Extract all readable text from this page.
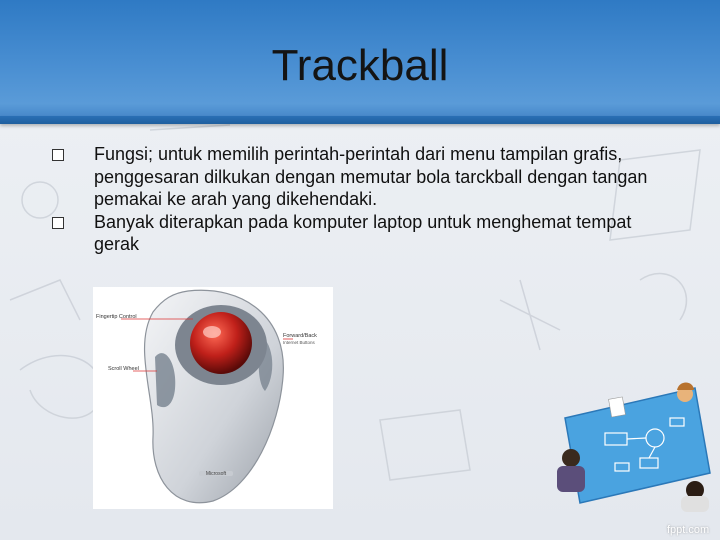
Trackball
Fungsi; untuk memilih perintah-perintah dari menu tampilan grafis, penggesaran dilkukan dengan memutar bola tarckball dengan tangan pemakai ke arah yang dikehendaki.
Banyak diterapkan pada komputer laptop untuk menghemat tempat gerak
Microsoft
Fingertip Control
Scroll Wheel
Forward/Back
Internet Buttons
fppt.com
